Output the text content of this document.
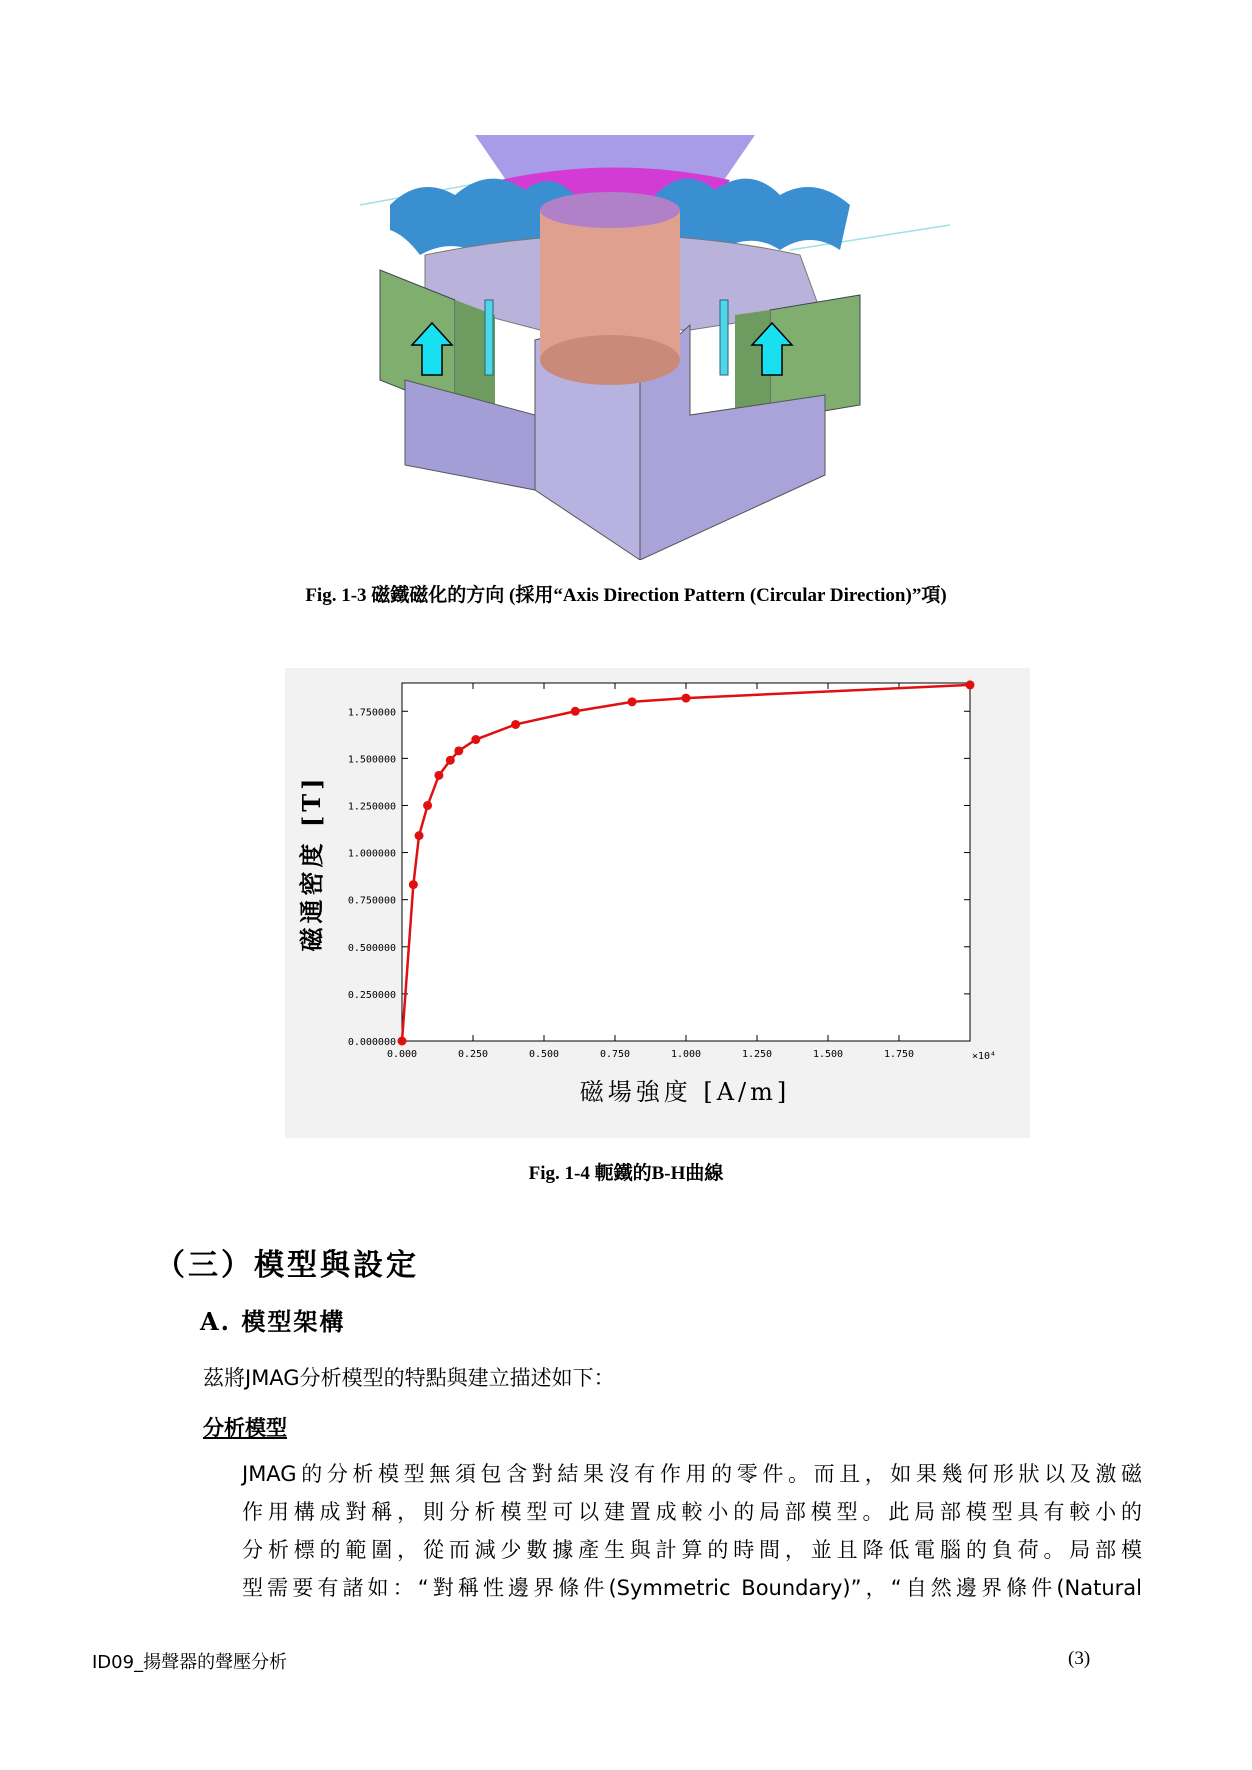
Fig. 1-3 磁鐵磁化的方向 (採用“Axis Direction Pattern (Circular Direction)”項)
0.000	0.250	0.500	0.750	1.000	1.250	1.500	1.750
0.000000
0.250000
0.500000
0.750000
1.000000
1.250000
1.500000
1.750000
×10⁴
磁場強度 [A/m]
磁通密度 [T]
Fig. 1-4 軛鐵的B-H曲線
（三）模型與設定
A. 模型架構
茲將JMAG分析模型的特點與建立描述如下：
分析模型
JMAG的分析模型無須包含對結果沒有作用的零件。而且，如果幾何形狀以及激磁
作用構成對稱，則分析模型可以建置成較小的局部模型。此局部模型具有較小的
分析標的範圍，從而減少數據產生與計算的時間，並且降低電腦的負荷。局部模
型需要有諸如：“對稱性邊界條件(Symmetric Boundary)”，“自然邊界條件(Natural
ID09_揚聲器的聲壓分析	(3)
